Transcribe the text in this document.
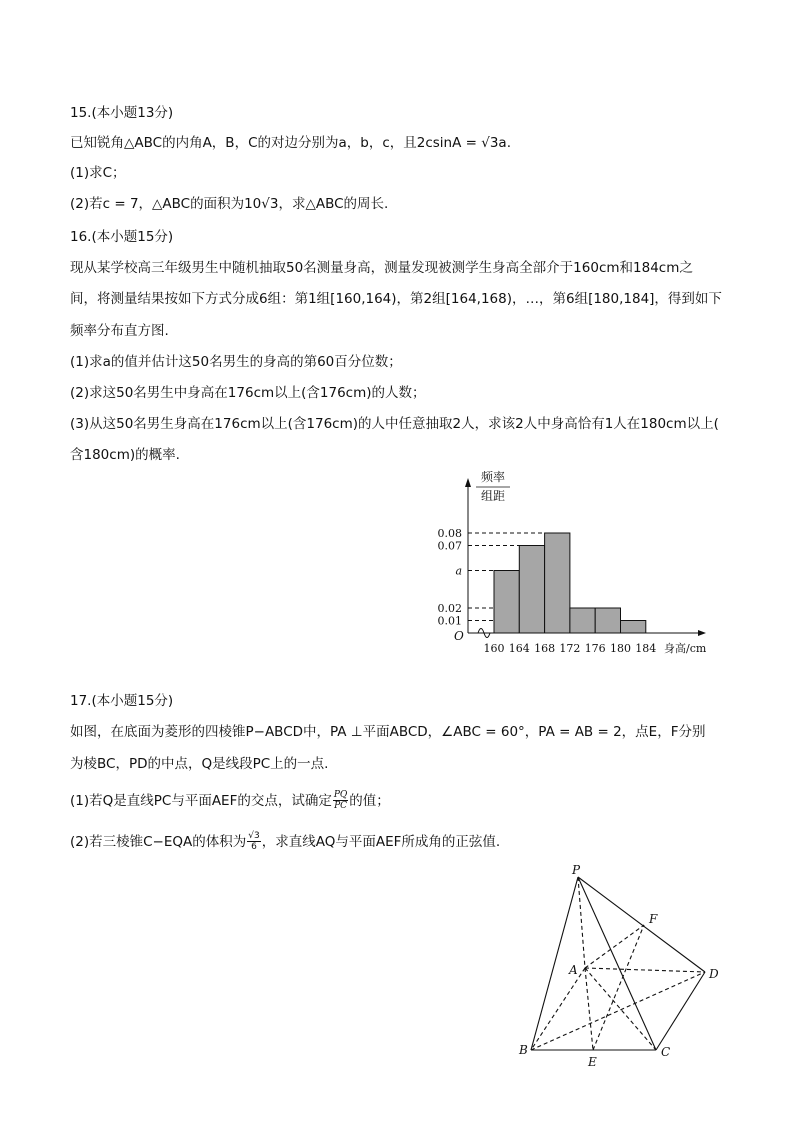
15.(本小题13分)
已知锐角△ABC的内角A，B，C的对边分别为a，b，c，且2csinA = √3a.
(1)求C；
(2)若c = 7，△ABC的面积为10√3，求△ABC的周长.
16.(本小题15分)
现从某学校高三年级男生中随机抽取50名测量身高，测量发现被测学生身高全部介于160cm和184cm之
间，将测量结果按如下方式分成6组：第1组[160,164)，第2组[164,168)，…，第6组[180,184]，得到如下
频率分布直方图.
(1)求a的值并估计这50名男生的身高的第60百分位数；
(2)求这50名男生中身高在176cm以上(含176cm)的人数；
(3)从这50名男生身高在176cm以上(含176cm)的人中任意抽取2人，求该2人中身高恰有1人在180cm以上(
含180cm)的概率.
0.08
0.07
a
0.02
0.01
160 164 168 172 176 180 184
O
频率
组距
身高/cm
17.(本小题15分)
如图，在底面为菱形的四棱锥P−ABCD中，PA ⊥平面ABCD，∠ABC = 60°，PA = AB = 2，点E，F分别
为棱BC，PD的中点，Q是线段PC上的一点.
(1)若Q是直线PC与平面AEF的交点，试确定 $\frac{PQ}{PC}$ 的值；
(2)若三棱锥C−EQA的体积为 $\frac{√3}{6}$ ，求直线AQ与平面AEF所成角的正弦值.
P
A
B	C
D
E
F
